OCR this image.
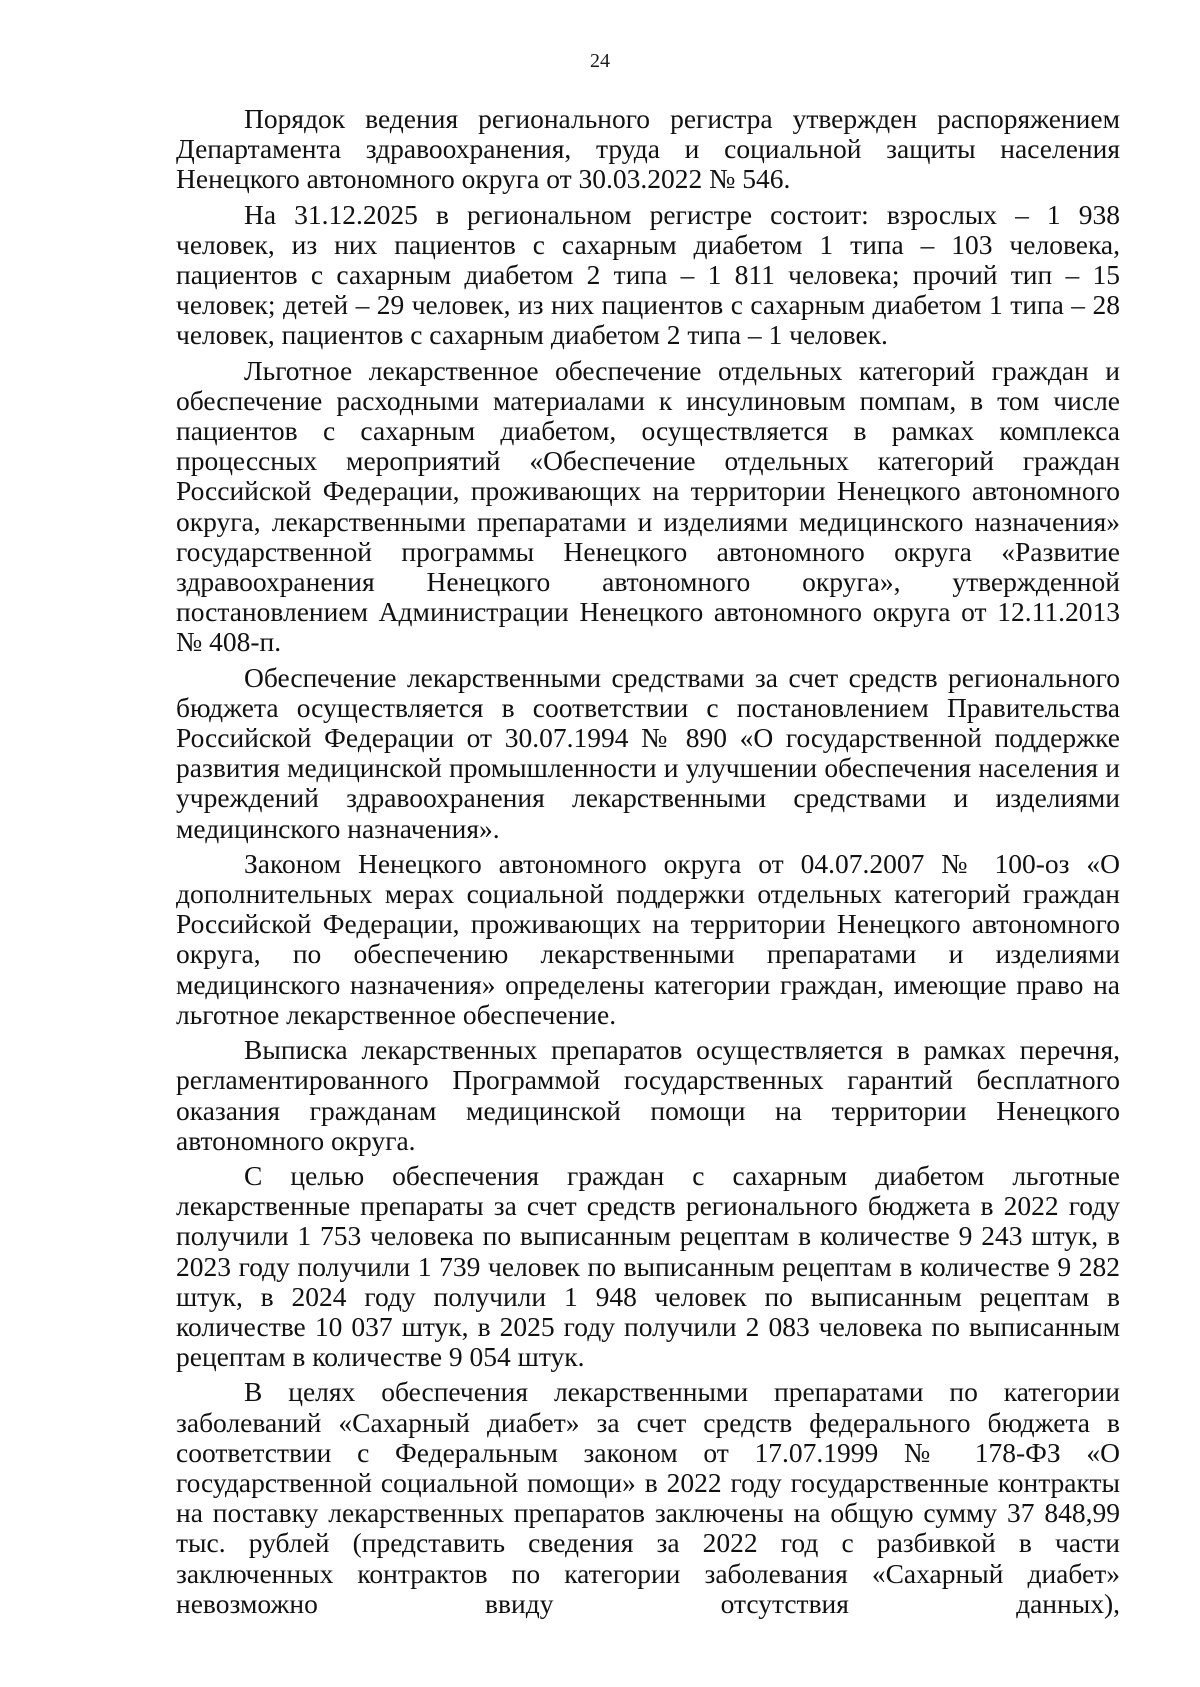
24

Порядок ведения регионального регистра утвержден распоряжением Департамента здравоохранения, труда и социальной защиты населения Ненецкого автономного округа от 30.03.2022 № 546.

На 31.12.2025 в региональном регистре состоит: взрослых – 1 938 человек, из них пациентов с сахарным диабетом 1 типа – 103 человека, пациентов с сахарным диабетом 2 типа – 1 811 человека; прочий тип – 15 человек; детей – 29 человек, из них пациентов с сахарным диабетом 1 типа – 28 человек, пациентов с сахарным диабетом 2 типа – 1 человек.

Льготное лекарственное обеспечение отдельных категорий граждан и обеспечение расходными материалами к инсулиновым помпам, в том числе пациентов с сахарным диабетом, осуществляется в рамках комплекса процессных мероприятий «Обеспечение отдельных категорий граждан Российской Федерации, проживающих на территории Ненецкого автономного округа, лекарственными препаратами и изделиями медицинского назначения» государственной программы Ненецкого автономного округа «Развитие здравоохранения Ненецкого автономного округа», утвержденной постановлением Администрации Ненецкого автономного округа от 12.11.2013 № 408-п.

Обеспечение лекарственными средствами за счет средств регионального бюджета осуществляется в соответствии с постановлением Правительства Российской Федерации от 30.07.1994 № 890 «О государственной поддержке развития медицинской промышленности и улучшении обеспечения населения и учреждений здравоохранения лекарственными средствами и изделиями медицинского назначения».

Законом Ненецкого автономного округа от 04.07.2007 № 100-оз «О дополнительных мерах социальной поддержки отдельных категорий граждан Российской Федерации, проживающих на территории Ненецкого автономного округа, по обеспечению лекарственными препаратами и изделиями медицинского назначения» определены категории граждан, имеющие право на льготное лекарственное обеспечение.

Выписка лекарственных препаратов осуществляется в рамках перечня, регламентированного Программой государственных гарантий бесплатного оказания гражданам медицинской помощи на территории Ненецкого автономного округа.

С целью обеспечения граждан с сахарным диабетом льготные лекарственные препараты за счет средств регионального бюджета в 2022 году получили 1 753 человека по выписанным рецептам в количестве 9 243 штук, в 2023 году получили 1 739 человек по выписанным рецептам в количестве 9 282 штук, в 2024 году получили 1 948 человек по выписанным рецептам в количестве 10 037 штук, в 2025 году получили 2 083 человека по выписанным рецептам в количестве 9 054 штук.

В целях обеспечения лекарственными препаратами по категории заболеваний «Сахарный диабет» за счет средств федерального бюджета в соответствии с Федеральным законом от 17.07.1999 № 178-ФЗ «О государственной социальной помощи» в 2022 году государственные контракты на поставку лекарственных препаратов заключены на общую сумму 37 848,99 тыс. рублей (представить сведения за 2022 год с разбивкой в части заключенных контрактов по категории заболевания «Сахарный диабет» невозможно ввиду отсутствия данных),
